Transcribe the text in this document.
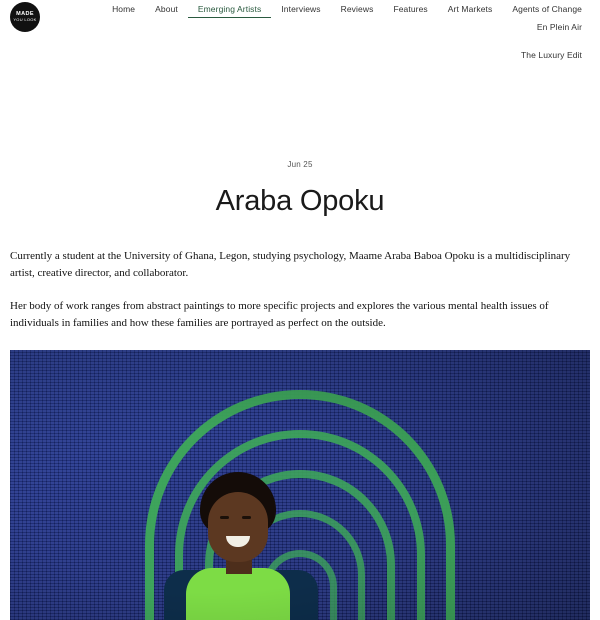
MADE
YOU LOOK
Home	About	Emerging Artists	Interviews	Reviews	Features	Art Markets	Agents of Change
En Plein Air
The Luxury Edit
Jun 25
Araba Opoku

Currently a student at the University of Ghana, Legon, studying psychology, Maame Araba Baboa Opoku is a multidisciplinary artist, creative director, and collaborator.

Her body of work ranges from abstract paintings to more specific projects and explores the various mental health issues of individuals in families and how these families are portrayed as perfect on the outside.
